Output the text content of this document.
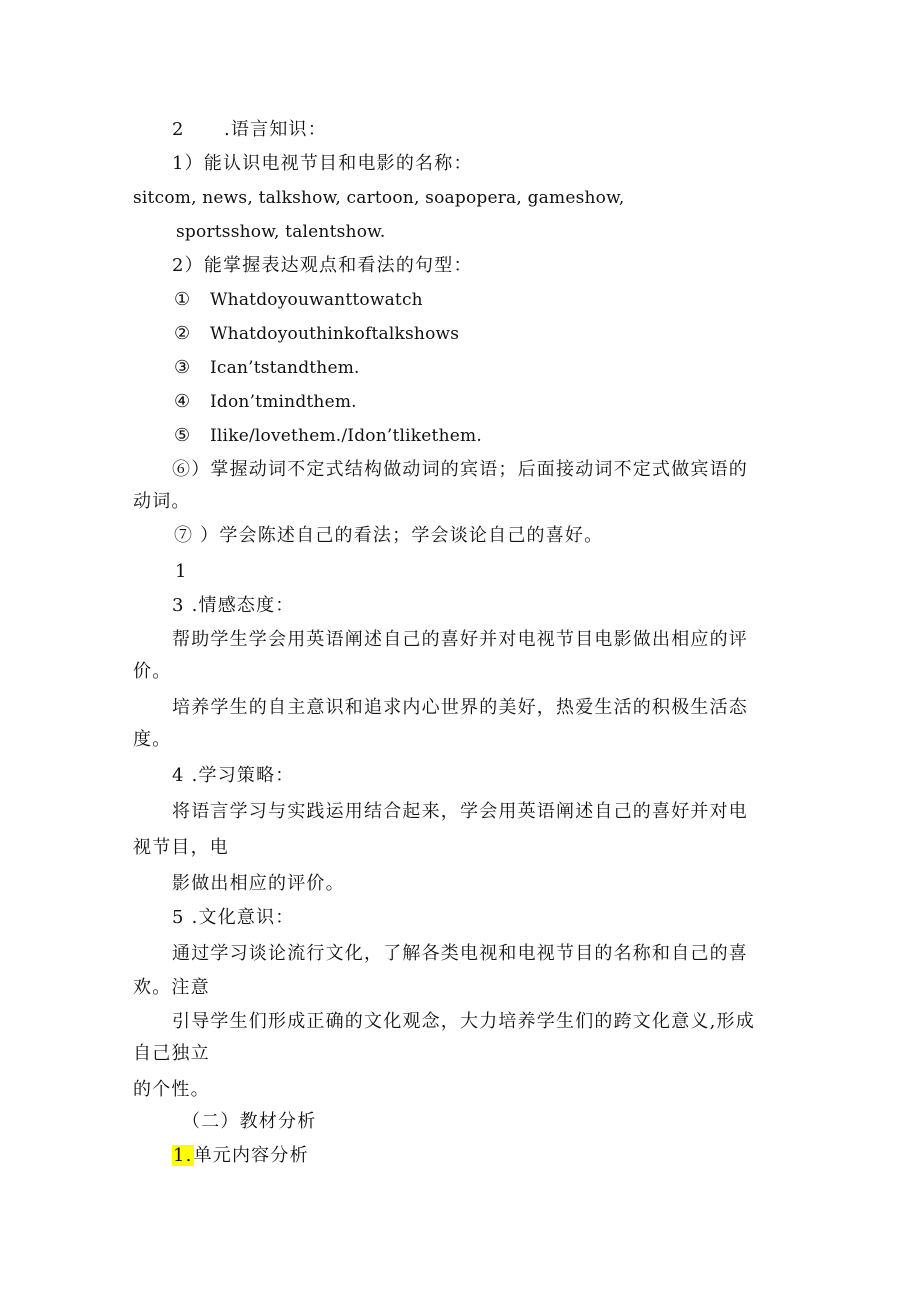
2 .语言知识：
1）能认识电视节目和电影的名称：
sitcom, news, talkshow, cartoon, soapopera, gameshow,
sportsshow, talentshow.
2）能掌握表达观点和看法的句型：
① Whatdoyouwanttowatch
② Whatdoyouthinkoftalkshows
③ Ican’tstandthem.
④ Idon’tmindthem.
⑤ Ilike/lovethem./Idon’tlikethem.
⑥）掌握动词不定式结构做动词的宾语；后面接动词不定式做宾语的
动词。
⑦ ）学会陈述自己的看法；学会谈论自己的喜好。
1
3 .情感态度：
帮助学生学会用英语阐述自己的喜好并对电视节目电影做出相应的评
价。
培养学生的自主意识和追求内心世界的美好，热爱生活的积极生活态
度。
4 .学习策略：
将语言学习与实践运用结合起来，学会用英语阐述自己的喜好并对电
视节目，电
影做出相应的评价。
5 .文化意识：
通过学习谈论流行文化，了解各类电视和电视节目的名称和自己的喜
欢。注意
引导学生们形成正确的文化观念，大力培养学生们的跨文化意义,形成
自己独立
的个性。
（二）教材分析
1.单元内容分析
